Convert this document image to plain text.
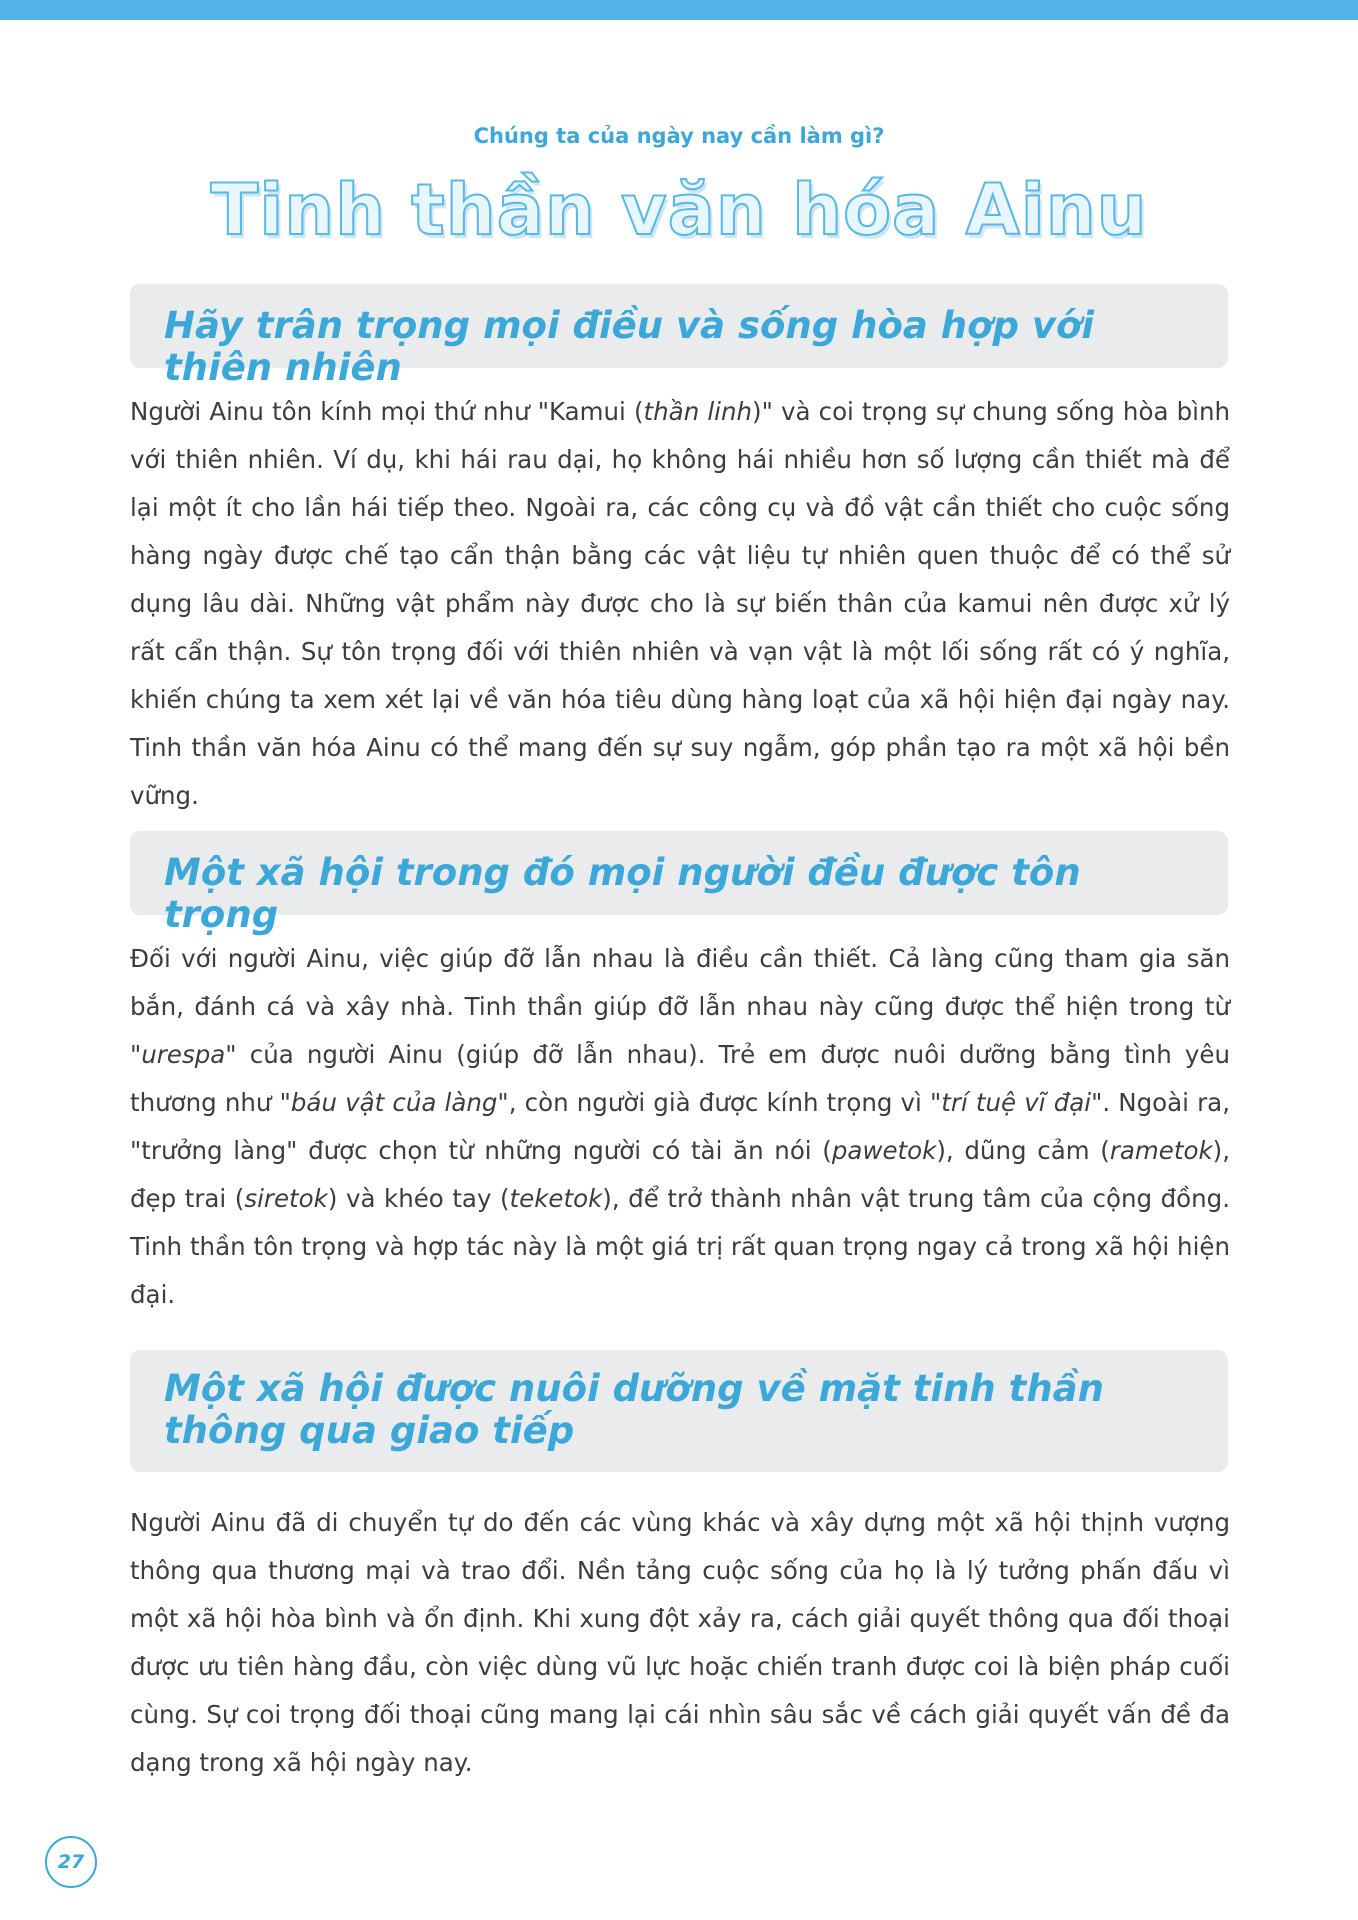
Chúng ta của ngày nay cần làm gì?
Tinh thần văn hóa Ainu
Hãy trân trọng mọi điều và sống hòa hợp với thiên nhiên

Người Ainu tôn kính mọi thứ như "Kamui (thần linh)" và coi trọng sự chung sống hòa bình với thiên nhiên. Ví dụ, khi hái rau dại, họ không hái nhiều hơn số lượng cần thiết mà để lại một ít cho lần hái tiếp theo. Ngoài ra, các công cụ và đồ vật cần thiết cho cuộc sống hàng ngày được chế tạo cẩn thận bằng các vật liệu tự nhiên quen thuộc để có thể sử dụng lâu dài. Những vật phẩm này được cho là sự biến thân của kamui nên được xử lý rất cẩn thận. Sự tôn trọng đối với thiên nhiên và vạn vật là một lối sống rất có ý nghĩa, khiến chúng ta xem xét lại về văn hóa tiêu dùng hàng loạt của xã hội hiện đại ngày nay. Tinh thần văn hóa Ainu có thể mang đến sự suy ngẫm, góp phần tạo ra một xã hội bền vững.

Một xã hội trong đó mọi người đều được tôn trọng

Đối với người Ainu, việc giúp đỡ lẫn nhau là điều cần thiết. Cả làng cũng tham gia săn bắn, đánh cá và xây nhà. Tinh thần giúp đỡ lẫn nhau này cũng được thể hiện trong từ "urespa" của người Ainu (giúp đỡ lẫn nhau). Trẻ em được nuôi dưỡng bằng tình yêu thương như "báu vật của làng", còn người già được kính trọng vì "trí tuệ vĩ đại". Ngoài ra, "trưởng làng" được chọn từ những người có tài ăn nói (pawetok), dũng cảm (rametok), đẹp trai (siretok) và khéo tay (teketok), để trở thành nhân vật trung tâm của cộng đồng. Tinh thần tôn trọng và hợp tác này là một giá trị rất quan trọng ngay cả trong xã hội hiện đại.

Một xã hội được nuôi dưỡng về mặt tinh thần
thông qua giao tiếp

Người Ainu đã di chuyển tự do đến các vùng khác và xây dựng một xã hội thịnh vượng thông qua thương mại và trao đổi. Nền tảng cuộc sống của họ là lý tưởng phấn đấu vì một xã hội hòa bình và ổn định. Khi xung đột xảy ra, cách giải quyết thông qua đối thoại được ưu tiên hàng đầu, còn việc dùng vũ lực hoặc chiến tranh được coi là biện pháp cuối cùng. Sự coi trọng đối thoại cũng mang lại cái nhìn sâu sắc về cách giải quyết vấn đề đa dạng trong xã hội ngày nay.

27
